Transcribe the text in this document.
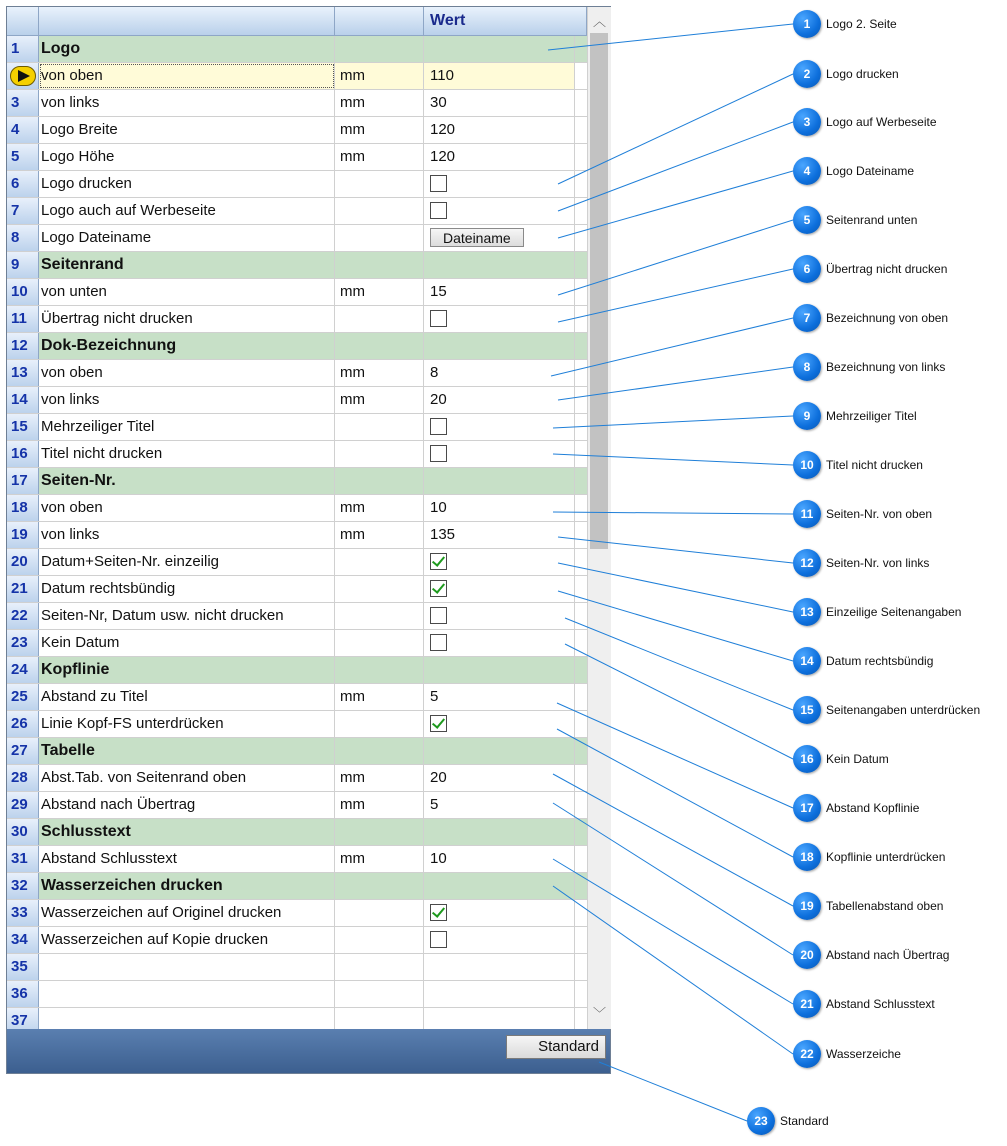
Wert
1	Logo
von oben	mm	110
3	von links	mm	30
4	Logo Breite	mm	120
5	Logo Höhe	mm	120
6	Logo drucken
7	Logo auch auf Werbeseite
8	Logo Dateiname	Dateiname
9	Seitenrand
10 von unten	mm	15
11 Übertrag nicht drucken
12 Dok-Bezeichnung
13 von oben	mm	8
14 von links	mm	20
15 Mehrzeiliger Titel
16 Titel nicht drucken
17 Seiten-Nr.
18 von oben	mm	10
19 von links	mm	135
20 Datum+Seiten-Nr. einzeilig
21 Datum rechtsbündig
22 Seiten-Nr, Datum usw. nicht drucken
23 Kein Datum
24 Kopflinie
25 Abstand zu Titel	mm	5
26 Linie Kopf-FS unterdrücken
27 Tabelle
28 Abst.Tab. von Seitenrand oben	mm	20
29 Abstand nach Übertrag	mm	5
30 Schlusstext
31 Abstand Schlusstext	mm	10
32 Wasserzeichen drucken
33 Wasserzeichen auf Originel drucken
34 Wasserzeichen auf Kopie drucken
35
36
37
︿
﹀
Standard
1	Logo 2. Seite
2	Logo drucken
3	Logo auf Werbeseite
4	Logo Dateiname
5	Seitenrand unten
6	Übertrag nicht drucken
7	Bezeichnung von oben
8	Bezeichnung von links
9	Mehrzeiliger Titel
10	Titel nicht drucken
11	Seiten-Nr. von oben
12	Seiten-Nr. von links
13	Einzeilige Seitenangaben
14	Datum rechtsbündig
15	Seitenangaben unterdrücken
16	Kein Datum
17	Abstand Kopflinie
18	Kopflinie unterdrücken
19	Tabellenabstand oben
20	Abstand nach Übertrag
21	Abstand Schlusstext
22	Wasserzeiche
23	Standard
